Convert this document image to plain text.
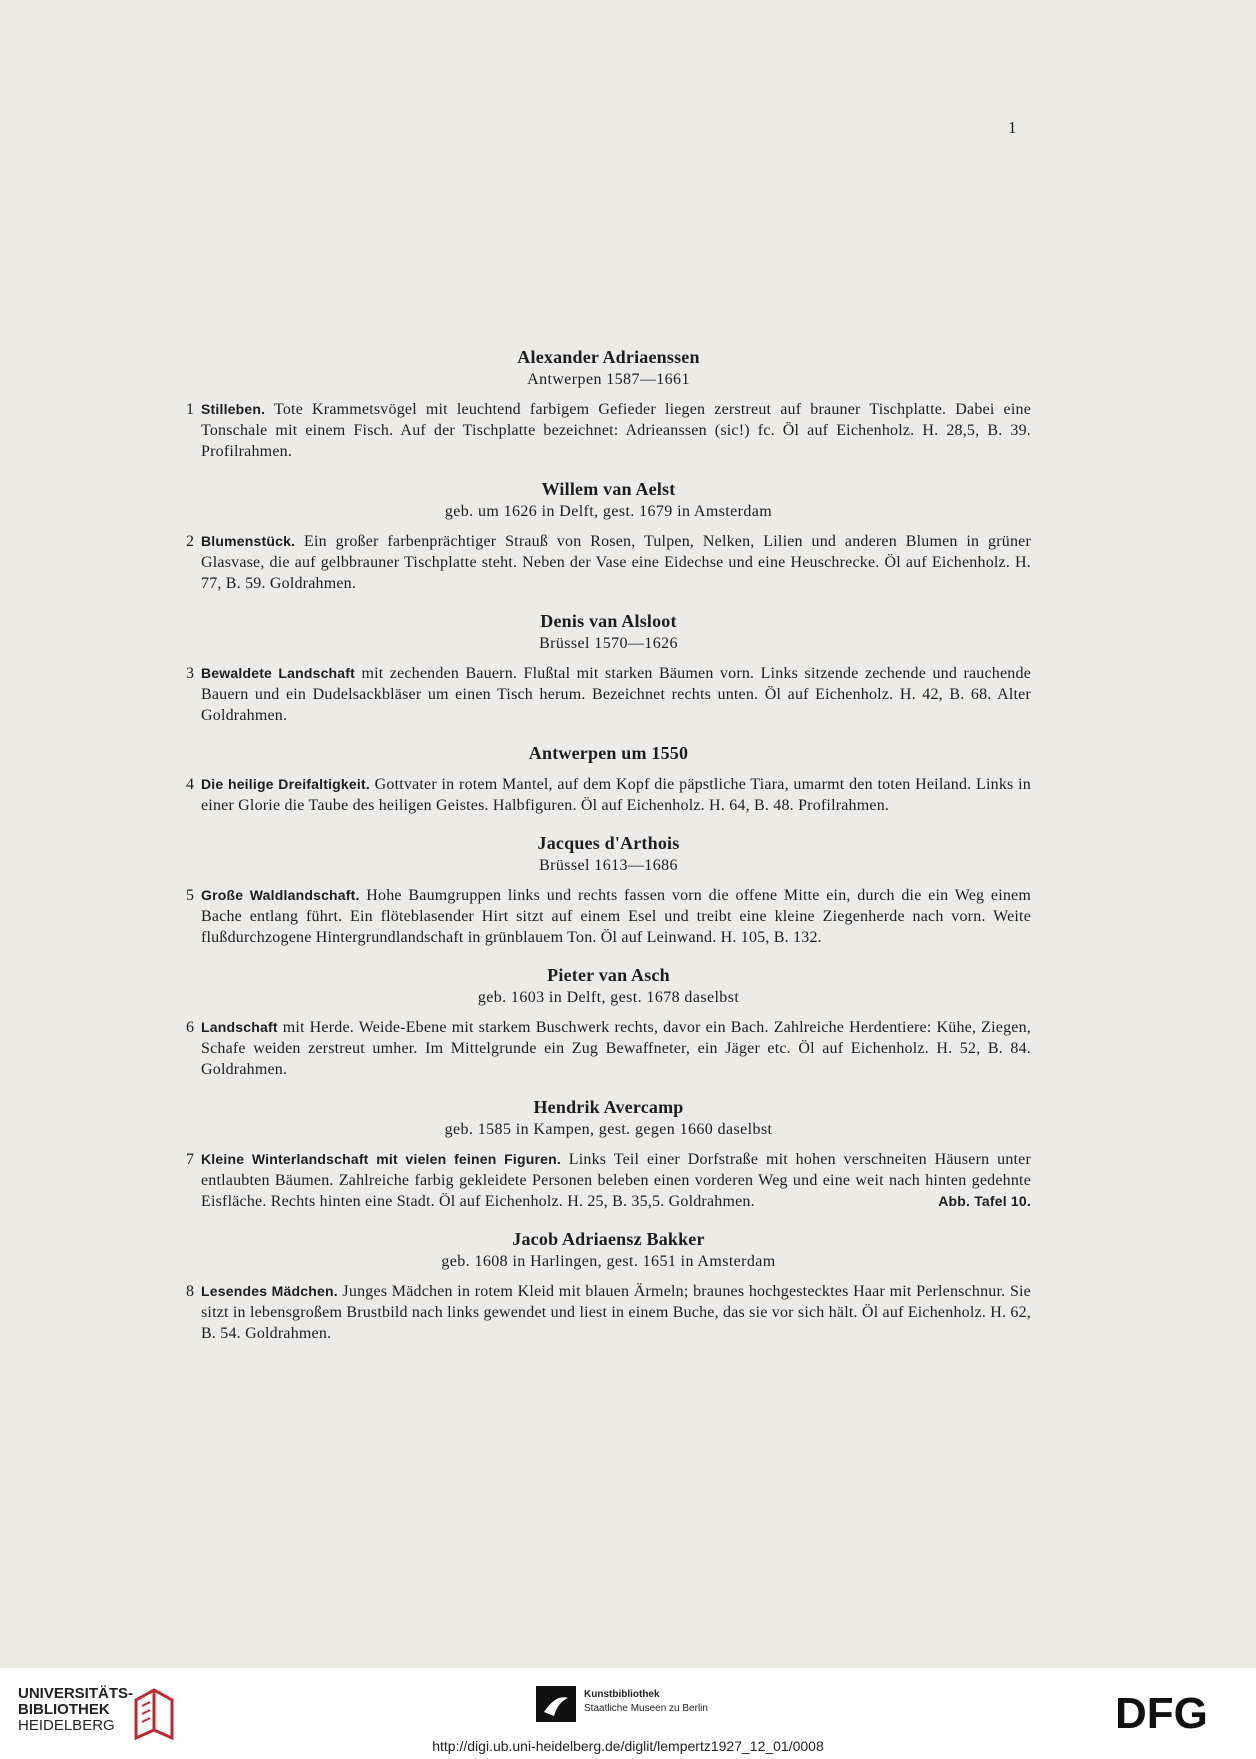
1
Alexander Adriaenssen
Antwerpen 1587—1661
1 Stilleben. Tote Krammetsvögel mit leuchtend farbigem Gefieder liegen zerstreut auf brauner Tischplatte. Dabei eine Tonschale mit einem Fisch. Auf der Tischplatte bezeichnet: Adrieanssen (sic!) fc. Öl auf Eichenholz. H. 28,5, B. 39. Profilrahmen.
Willem van Aelst
geb. um 1626 in Delft, gest. 1679 in Amsterdam
2 Blumenstück. Ein großer farbenprächtiger Strauß von Rosen, Tulpen, Nelken, Lilien und anderen Blumen in grüner Glasvase, die auf gelbbrauner Tischplatte steht. Neben der Vase eine Eidechse und eine Heuschrecke. Öl auf Eichenholz. H. 77, B. 59. Goldrahmen.
Denis van Alsloot
Brüssel 1570—1626
3 Bewaldete Landschaft mit zechenden Bauern. Flußtal mit starken Bäumen vorn. Links sitzende zechende und rauchende Bauern und ein Dudelsackbläser um einen Tisch herum. Bezeichnet rechts unten. Öl auf Eichenholz. H. 42, B. 68. Alter Goldrahmen.
Antwerpen um 1550
4 Die heilige Dreifaltigkeit. Gottvater in rotem Mantel, auf dem Kopf die päpstliche Tiara, umarmt den toten Heiland. Links in einer Glorie die Taube des heiligen Geistes. Halbfiguren. Öl auf Eichenholz. H. 64, B. 48. Profilrahmen.
Jacques d'Arthois
Brüssel 1613—1686
5 Große Waldlandschaft. Hohe Baumgruppen links und rechts fassen vorn die offene Mitte ein, durch die ein Weg einem Bache entlang führt. Ein flöteblasender Hirt sitzt auf einem Esel und treibt eine kleine Ziegenherde nach vorn. Weite flußdurchzogene Hintergrundlandschaft in grünblauem Ton. Öl auf Leinwand. H. 105, B. 132.
Pieter van Asch
geb. 1603 in Delft, gest. 1678 daselbst
6 Landschaft mit Herde. Weide-Ebene mit starkem Buschwerk rechts, davor ein Bach. Zahlreiche Herdentiere: Kühe, Ziegen, Schafe weiden zerstreut umher. Im Mittelgrunde ein Zug Bewaffneter, ein Jäger etc. Öl auf Eichenholz. H. 52, B. 84. Goldrahmen.
Hendrik Avercamp
geb. 1585 in Kampen, gest. gegen 1660 daselbst
7 Kleine Winterlandschaft mit vielen feinen Figuren. Links Teil einer Dorfstraße mit hohen verschneiten Häusern unter entlaubten Bäumen. Zahlreiche farbig gekleidete Personen beleben einen vorderen Weg und eine weit nach hinten gedehnte Eisfläche. Rechts hinten eine Stadt. Öl auf Eichenholz. H. 25, B. 35,5. Goldrahmen.	Abb. Tafel 10.
Jacob Adriaensz Bakker
geb. 1608 in Harlingen, gest. 1651 in Amsterdam
8 Lesendes Mädchen. Junges Mädchen in rotem Kleid mit blauen Ärmeln; braunes hochgestecktes Haar mit Perlenschnur. Sie sitzt in lebensgroßem Brustbild nach links gewendet und liest in einem Buche, das sie vor sich hält. Öl auf Eichenholz. H. 62, B. 54. Goldrahmen.
UNIVERSITÄTS-
BIBLIOTHEK
HEIDELBERG
Kunstbibliothek
Staatliche Museen zu Berlin	DFG
http://digi.ub.uni-heidelberg.de/diglit/lempertz1927_12_01/0008
